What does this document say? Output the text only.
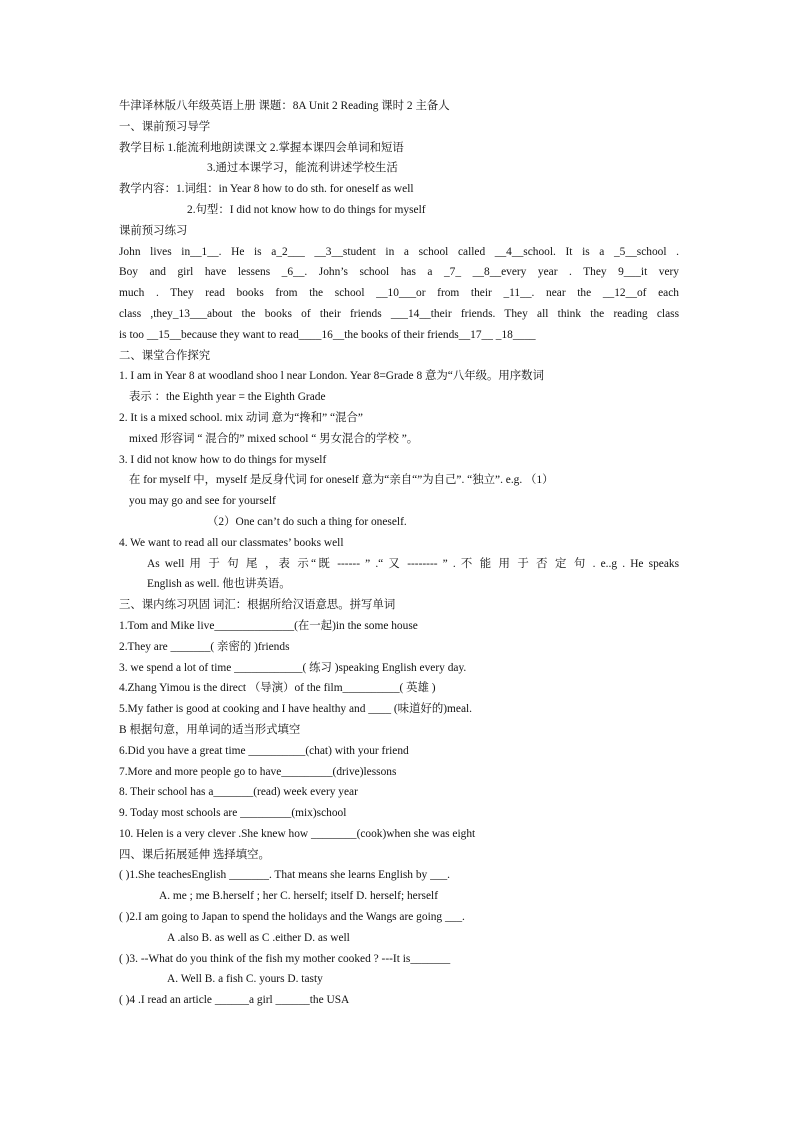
牛津译林版八年级英语上册 课题：8A Unit 2 Reading 课时 2 主备人
一、课前预习导学
教学目标 1.能流利地朗读课文 2.掌握本课四会单词和短语
3.通过本课学习，能流利讲述学校生活
教学内容：1.词组：in Year 8 how to do sth. for oneself as well
2.句型：I did not know how to do things for myself
课前预习练习
John lives in__1__. He is a_2___ __3__student in a school called __4__school. It is a _5__school .
Boy and girl have lessens _6__. John’s school has a _7_ __8__every year . They 9___it very
much . They read books from the school __10___or from their _11__. near the __12__of each
class ,they_13___about the books of their friends ___14__their friends. They all think the reading class
is too __15__because they want to read____16__the books of their friends__17__ _18____
二、课堂合作探究
1. I am in Year 8 at woodland shoo l near London. Year 8=Grade 8 意为“八年级。用序数词
表示 ：the Eighth year = the Eighth Grade
2. It is a mixed school. mix 动词 意为“搀和” “混合”
mixed 形容词 “ 混合的” mixed school “ 男女混合的学校 ”。
3. I did not know how to do things for myself
在 for myself 中，myself 是反身代词 for oneself 意为“亲自“”为自己”. “独立”. e.g. （1）
you may go and see for yourself
（2）One can’t do such a thing for oneself.
4. We want to read all our classmates’ books well
As well 用 于 句 尾 ，表 示“既 ------ ” .“ 又 -------- ” . 不 能 用 于 否 定 句 . e..g . He speaks
English as well. 他也讲英语。
三、课内练习巩固 词汇：根据所给汉语意思。拼写单词
1.Tom and Mike live______________(在一起)in the some house
2.They are _______( 亲密的 )friends
3. we spend a lot of time ____________( 练习 )speaking English every day.
4.Zhang Yimou is the direct （导演）of the film__________( 英雄 )
5.My father is good at cooking and I have healthy and ____ (味道好的)meal.
B 根据句意，用单词的适当形式填空
6.Did you have a great time __________(chat) with your friend
7.More and more people go to have_________(drive)lessons
8. Their school has a_______(read) week every year
9. Today most schools are _________(mix)school
10. Helen is a very clever .She knew how ________(cook)when she was eight
四、课后拓展延伸 选择填空。
( )1.She teachesEnglish _______. That means she learns English by ___.
A. me ; me B.herself ; her C. herself; itself D. herself; herself
( )2.I am going to Japan to spend the holidays and the Wangs are going ___.
A .also B. as well as C .either D. as well
( )3. --What do you think of the fish my mother cooked ? ---It is_______
A. Well B. a fish C. yours D. tasty
( )4 .I read an article ______a girl ______the USA
